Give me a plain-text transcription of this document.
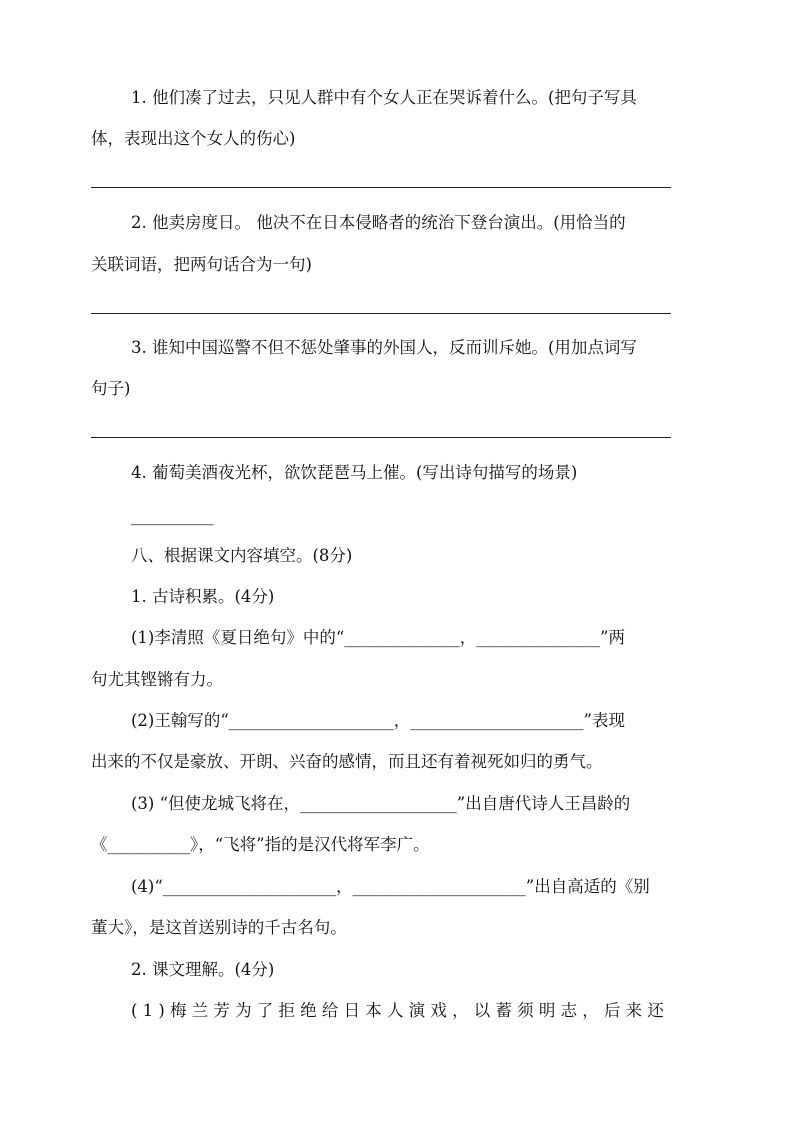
1. 他们凑了过去，只见人群中有个女人正在哭诉着什么。(把句子写具
体，表现出这个女人的伤心)
2. 他卖房度日。 他决不在日本侵略者的统治下登台演出。(用恰当的
关联词语，把两句话合为一句)
3. 谁知中国巡警不但不惩处肇事的外国人，反而训斥她。(用加点词写
句子)
4. 葡萄美酒夜光杯，欲饮琵琶马上催。(写出诗句描写的场景)
__________
八、根据课文内容填空。(8分)
1. 古诗积累。(4分)
(1)李清照《夏日绝句》中的“______________，_______________”两
句尤其铿锵有力。
(2)王翰写的“____________________，_____________________”表现
出来的不仅是豪放、开朗、兴奋的感情，而且还有着视死如归的勇气。
(3) “但使龙城飞将在，___________________”出自唐代诗人王昌龄的
《__________》，“飞将”指的是汉代将军李广。
(4)“_____________________，_____________________”出自高适的《别
董大》，是这首送别诗的千古名句。
2. 课文理解。(4分)
(1)梅兰芳为了拒绝给日本人演戏，以蓄须明志，后来还
